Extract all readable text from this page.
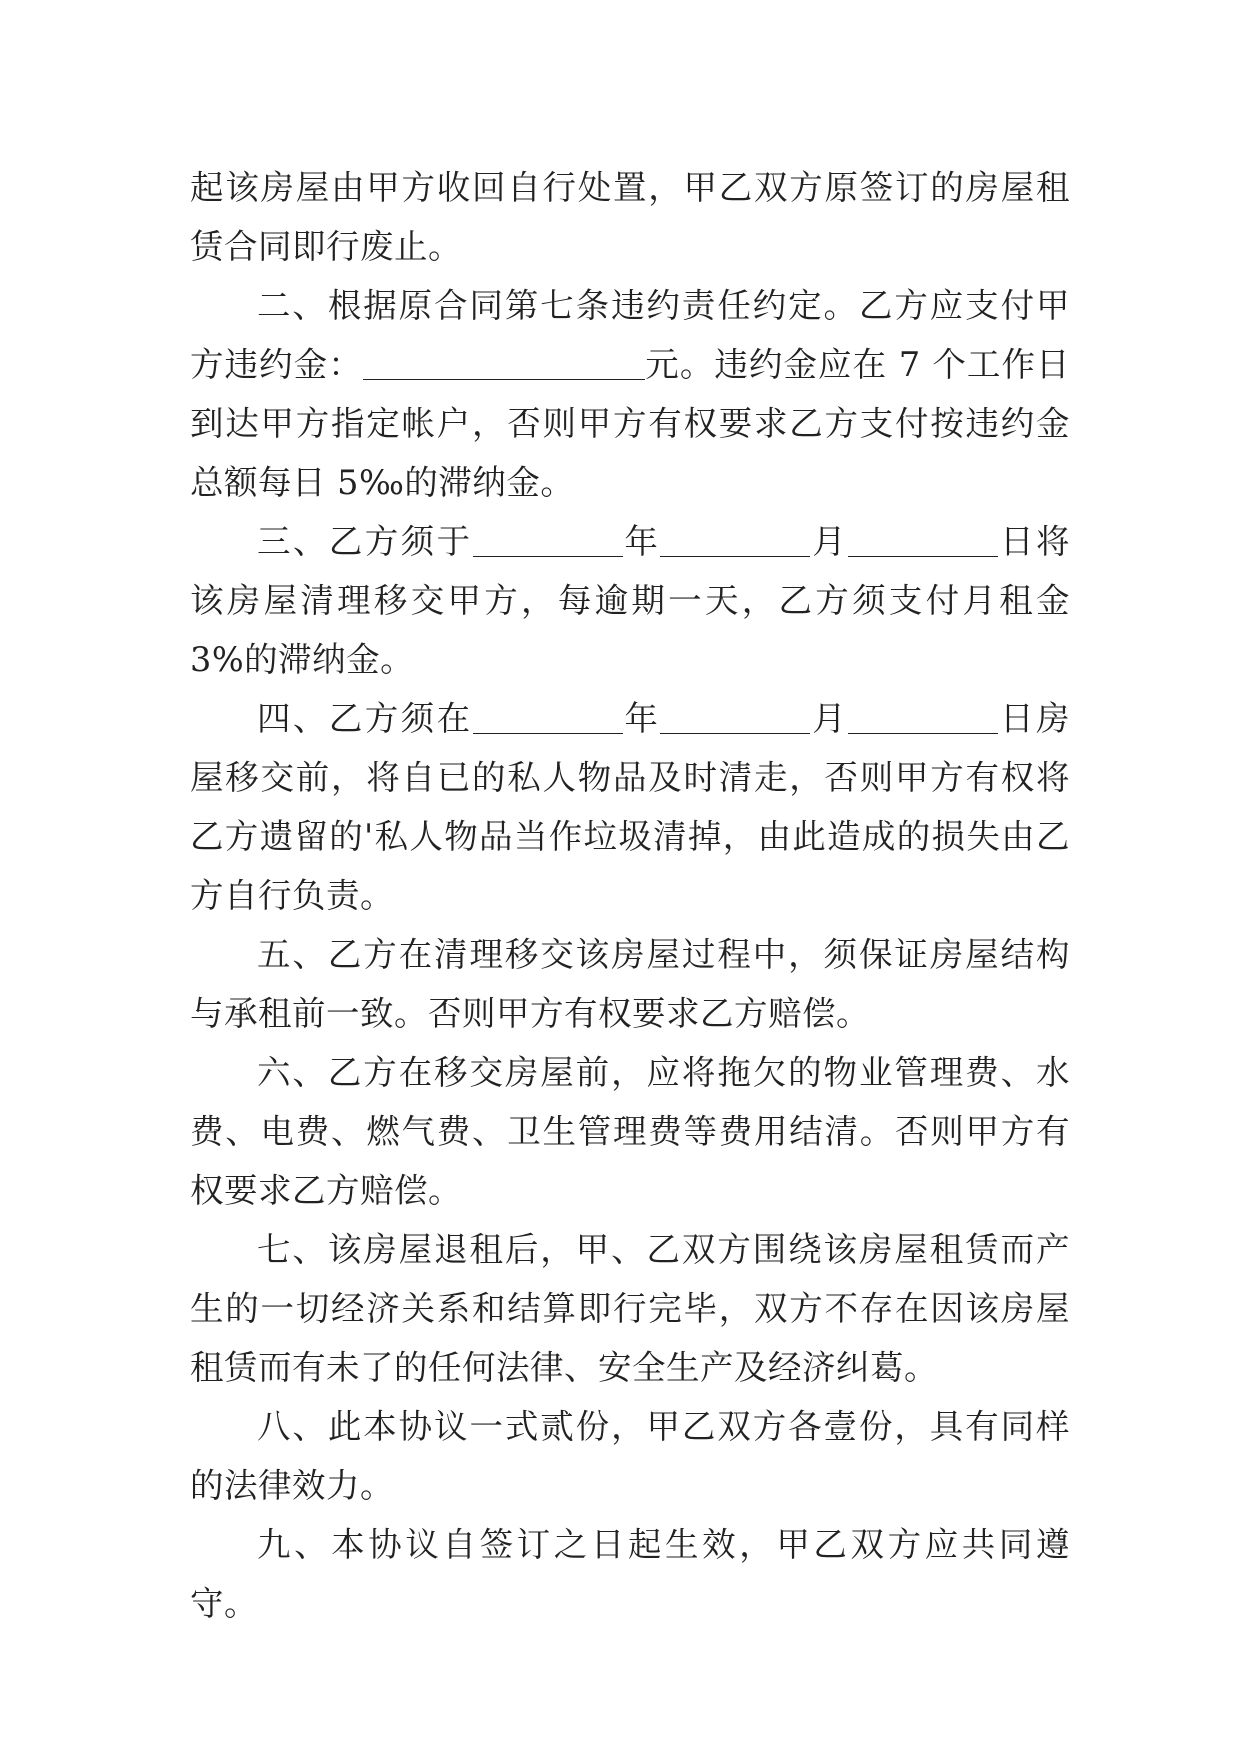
起该房屋由甲方收回自行处置，甲乙双方原签订的房屋租赁合同即行废止。

二、根据原合同第七条违约责任约定。乙方应支付甲方违约金：	元。违约金应在 7 个工作日到达甲方指定帐户，否则甲方有权要求乙方支付按违约金总额每日 5‰的滞纳金。

三、乙方须于	年	月	日将该房屋清理移交甲方，每逾期一天，乙方须支付月租金 3%的滞纳金。

四、乙方须在	年	月	日房屋移交前，将自已的私人物品及时清走，否则甲方有权将乙方遗留的'私人物品当作垃圾清掉，由此造成的损失由乙方自行负责。

五、乙方在清理移交该房屋过程中，须保证房屋结构与承租前一致。否则甲方有权要求乙方赔偿。

六、乙方在移交房屋前，应将拖欠的物业管理费、水费、电费、燃气费、卫生管理费等费用结清。否则甲方有权要求乙方赔偿。

七、该房屋退租后，甲、乙双方围绕该房屋租赁而产生的一切经济关系和结算即行完毕，双方不存在因该房屋租赁而有未了的任何法律、安全生产及经济纠葛。

八、此本协议一式贰份，甲乙双方各壹份，具有同样的法律效力。

九、本协议自签订之日起生效，甲乙双方应共同遵守。
